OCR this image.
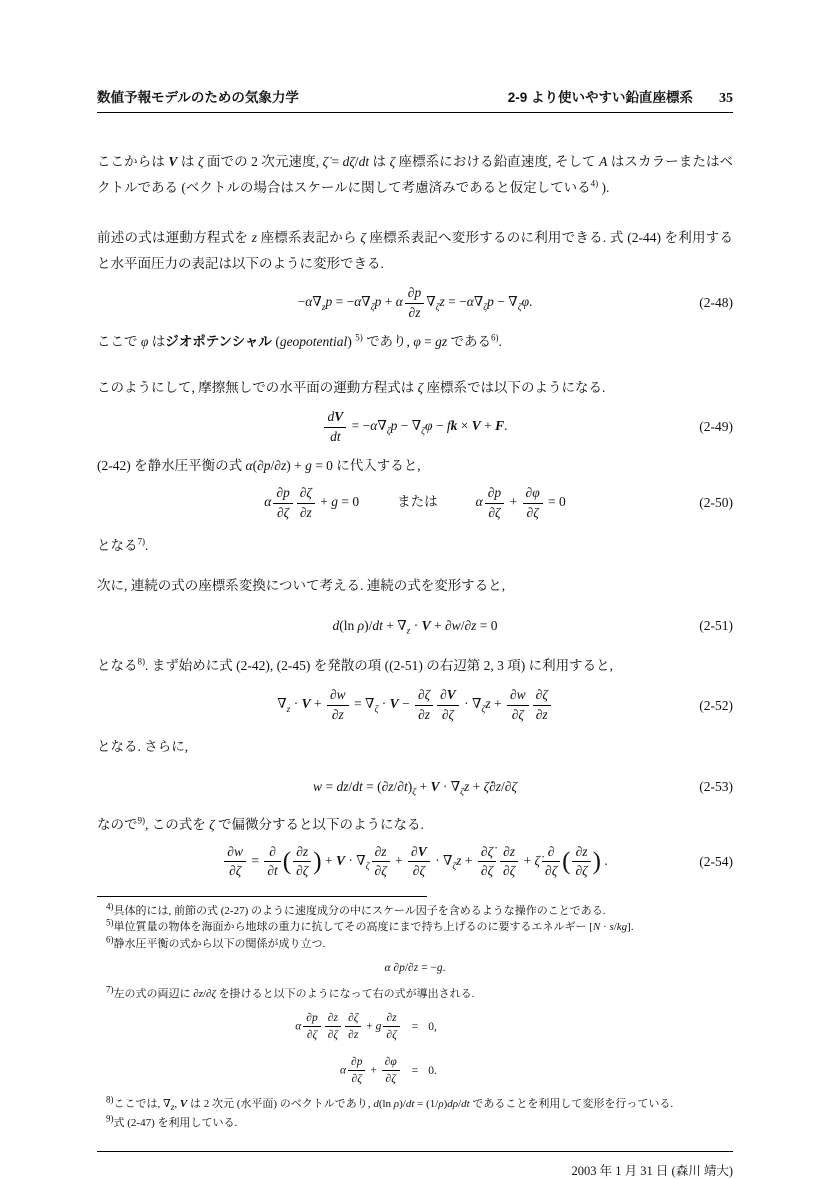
数値予報モデルのための気象力学	2-9 より使いやすい鉛直座標系 35

ここからは V は ζ 面での 2 次元速度, ζ̇ = dζ/dt は ζ 座標系における鉛直速度, そして A はスカラーまたはベクトルである (ベクトルの場合はスケールに関して考慮済みであると仮定している$^{4)}$ ).

前述の式は運動方程式を z 座標系表記から ζ 座標系表記へ変形するのに利用できる. 式 (2-44) を利用すると水平面圧力の表記は以下のように変形できる.

$-\alpha\nabla_zp = -\alpha\nabla_\zeta p + \alpha \frac{\partial p}{\partial z} \nabla_\zeta z = -\alpha\nabla_\zeta p - \nabla_\zeta\varphi$.	(2-48)

ここで φ はジオポテンシャル (geopotential) $^{5)}$ であり, φ = gz である$^{6)}$.

このようにして, 摩擦無しでの水平面の運動方程式は ζ 座標系では以下のようになる.

$\frac{dV}{dt} = -\alpha\nabla_\zeta p - \nabla_\zeta\varphi$ − fk × V + F.	(2-49)

(2-42) を静水圧平衡の式 α(∂p/∂z) + g = 0 に代入すると,

α $\frac{\partial p}{\partial\zeta} \frac{\partial\zeta}{\partial z} + g = 0$	または	α $\frac{\partial p}{\partial\zeta} + \frac{\partial\varphi}{\partial\zeta} = 0$	(2-50)

となる$^{7)}$.

次に, 連続の式の座標系変換について考える. 連続の式を変形すると,

d(ln $\rho)/dt + \nabla_z \cdot V + \partial w/\partial z = 0$	(2-51)

となる$^{8)}$. まず始めに式 (2-42), (2-45) を発散の項 ((2-51) の右辺第 2, 3 項) に利用すると,

$\nabla_z \cdot V + \frac{\partial w}{\partial z} = \nabla_\zeta \cdot V - \frac{\partial\zeta}{\partial z} \frac{\partial V}{\partial\zeta} \cdot \nabla_\zeta z + \frac{\partial w}{\partial\zeta} \frac{\partial\zeta}{\partial z}$	(2-52)

となる. さらに,

$w = dz/dt = (\partial z/\partial t)_\zeta + V \cdot \nabla_\zeta z$ + ζ̇∂z/∂ζ	(2-53)

なので$^{9)}$, この式を ζ で偏微分すると以下のようになる.

$\frac{\partial w}{\partial\zeta}$ =
∂
∂t ( $\frac{\partial z}{\partial\zeta}$ ) + $V \cdot \nabla_\zeta \frac{\partial z}{\partial\zeta} + \frac{\partial V}{\partial\zeta} \cdot \nabla_\zeta z + \frac{\partial\zetȧ}{\partial\zeta} \frac{\partial z}{\partial\zeta}$ + ζ̇
∂
∂ζ ( $\frac{\partial z}{\partial\zeta}$ ) .	(2-54)

$^{4)}$具体的には, 前節の式 (2-27) のように速度成分の中にスケール因子を含めるような操作のことである.

$^{5)}$単位質量の物体を海面から地球の重力に抗してその高度にまで持ち上げるのに要するエネルギー [N · s/kg].

$^{6)}$静水圧平衡の式から以下の関係が成り立つ.

α ∂p/∂z = −g.

$^{7)}$左の式の両辺に ∂z/∂ζ を掛けると以下のようになって右の式が導出される.

α $\frac{\partial p}{\partial\zeta} \frac{\partial z}{\partial\zeta} \frac{\partial\zeta}{\partial z} + g \frac{\partial z}{\partial\zeta}$	= 0,
α $\frac{\partial p}{\partial\zeta} + \frac{\partial\varphi}{\partial\zeta}$	= 0.

$^{8)}$ここでは, $\nabla_z$, V は 2 次元 (水平面) のベクトルであり, d(ln ρ)/dt = (1/ρ)dρ/dt であることを利用して変形を行っている.

$^{9)}$式 (2-47) を利用している.

2003 年 1 月 31 日 (森川 靖大)
